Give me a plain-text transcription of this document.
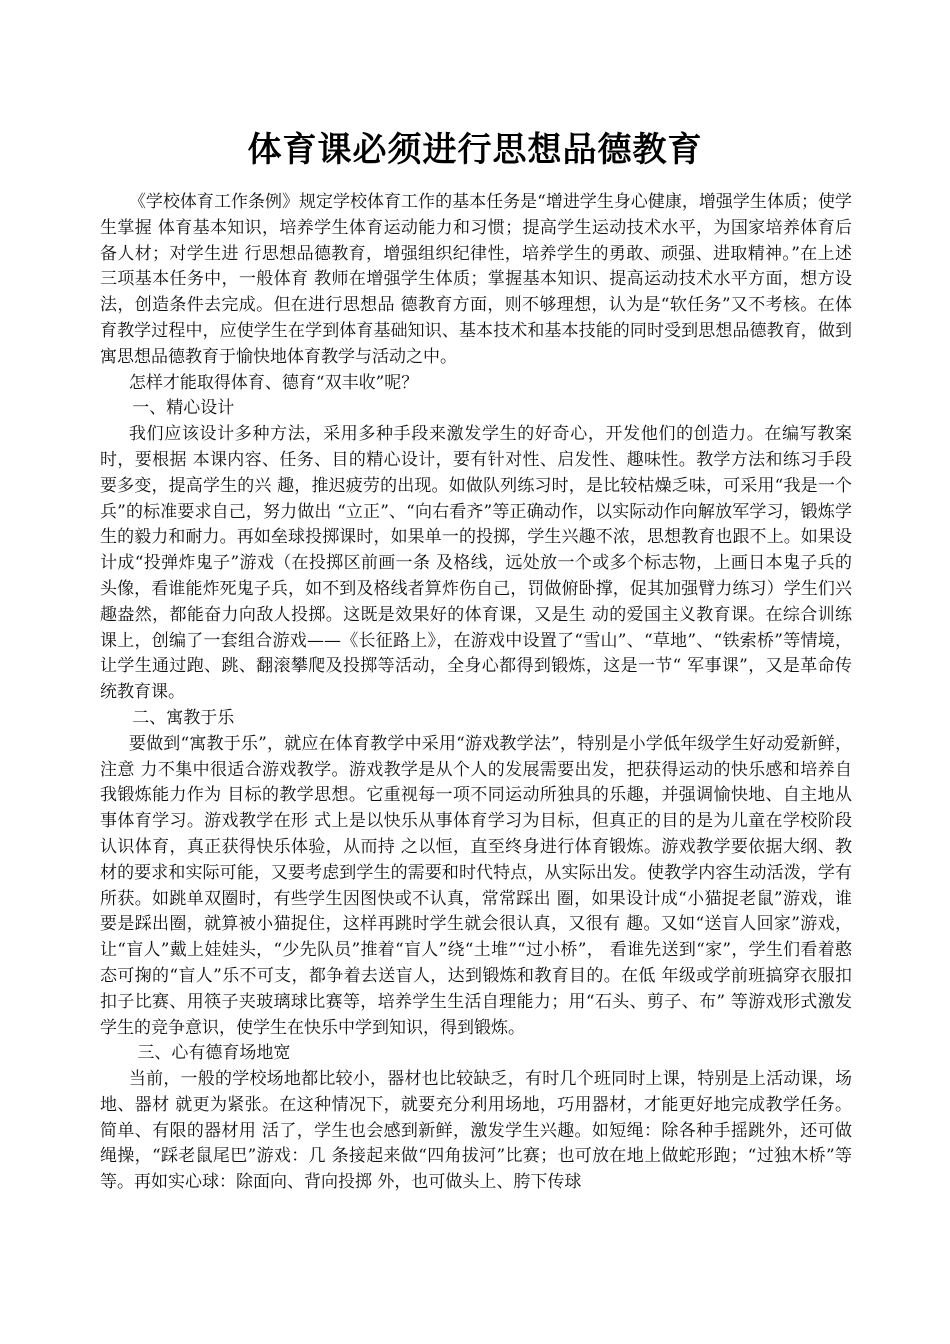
体育课必须进行思想品德教育

《学校体育工作条例》规定学校体育工作的基本任务是“增进学生身心健康，增强学生体质；使学生掌握 体育基本知识，培养学生体育运动能力和习惯；提高学生运动技术水平，为国家培养体育后备人材；对学生进 行思想品德教育，增强组织纪律性，培养学生的勇敢、顽强、进取精神。”在上述三项基本任务中，一般体育 教师在增强学生体质；掌握基本知识、提高运动技术水平方面，想方设法，创造条件去完成。但在进行思想品 德教育方面，则不够理想，认为是“软任务”又不考核。在体育教学过程中，应使学生在学到体育基础知识、基本技术和基本技能的同时受到思想品德教育，做到寓思想品德教育于愉快地体育教学与活动之中。

怎样才能取得体育、德育“双丰收”呢？

一、精心设计

我们应该设计多种方法，采用多种手段来激发学生的好奇心，开发他们的创造力。在编写教案时，要根据 本课内容、任务、目的精心设计，要有针对性、启发性、趣味性。教学方法和练习手段要多变，提高学生的兴 趣，推迟疲劳的出现。如做队列练习时，是比较枯燥乏味，可采用“我是一个兵”的标准要求自己，努力做出 “立正”、“向右看齐”等正确动作，以实际动作向解放军学习，锻炼学生的毅力和耐力。再如垒球投掷课时，如果单一的投掷，学生兴趣不浓，思想教育也跟不上。如果设计成“投弹炸鬼子”游戏（在投掷区前画一条 及格线，远处放一个或多个标志物，上画日本鬼子兵的头像，看谁能炸死鬼子兵，如不到及格线者算炸伤自己，罚做俯卧撑，促其加强臂力练习）学生们兴趣盎然，都能奋力向敌人投掷。这既是效果好的体育课，又是生 动的爱国主义教育课。在综合训练课上，创编了一套组合游戏——《长征路上》，在游戏中设置了“雪山”、“草地”、“铁索桥”等情境，让学生通过跑、跳、翻滚攀爬及投掷等活动，全身心都得到锻炼，这是一节“ 军事课”，又是革命传统教育课。

二、寓教于乐

要做到“寓教于乐”，就应在体育教学中采用“游戏教学法”，特别是小学低年级学生好动爱新鲜，注意 力不集中很适合游戏教学。游戏教学是从个人的发展需要出发，把获得运动的快乐感和培养自我锻炼能力作为 目标的教学思想。它重视每一项不同运动所独具的乐趣，并强调愉快地、自主地从事体育学习。游戏教学在形 式上是以快乐从事体育学习为目标，但真正的目的是为儿童在学校阶段认识体育，真正获得快乐体验，从而持 之以恒，直至终身进行体育锻炼。游戏教学要依据大纲、教材的要求和实际可能，又要考虑到学生的需要和时代特点，从实际出发。使教学内容生动活泼，学有所获。如跳单双圈时，有些学生因图快或不认真，常常踩出 圈，如果设计成“小猫捉老鼠”游戏，谁要是踩出圈，就算被小猫捉住，这样再跳时学生就会很认真，又很有 趣。又如“送盲人回家”游戏，让“盲人”戴上娃娃头，“少先队员”推着“盲人”绕“土堆”“过小桥”， 看谁先送到“家”，学生们看着憨态可掬的“盲人”乐不可支，都争着去送盲人，达到锻炼和教育目的。在低 年级或学前班搞穿衣服扣扣子比赛、用筷子夹玻璃球比赛等，培养学生生活自理能力；用“石头、剪子、布” 等游戏形式激发学生的竞争意识，使学生在快乐中学到知识，得到锻炼。

三、心有德育场地宽

当前，一般的学校场地都比较小，器材也比较缺乏，有时几个班同时上课，特别是上活动课，场地、器材 就更为紧张。在这种情况下，就要充分利用场地，巧用器材，才能更好地完成教学任务。简单、有限的器材用 活了，学生也会感到新鲜，激发学生兴趣。如短绳：除各种手摇跳外，还可做绳操，“踩老鼠尾巴”游戏：几 条接起来做“四角拔河”比赛；也可放在地上做蛇形跑；“过独木桥”等等。再如实心球：除面向、背向投掷 外，也可做头上、胯下传球
